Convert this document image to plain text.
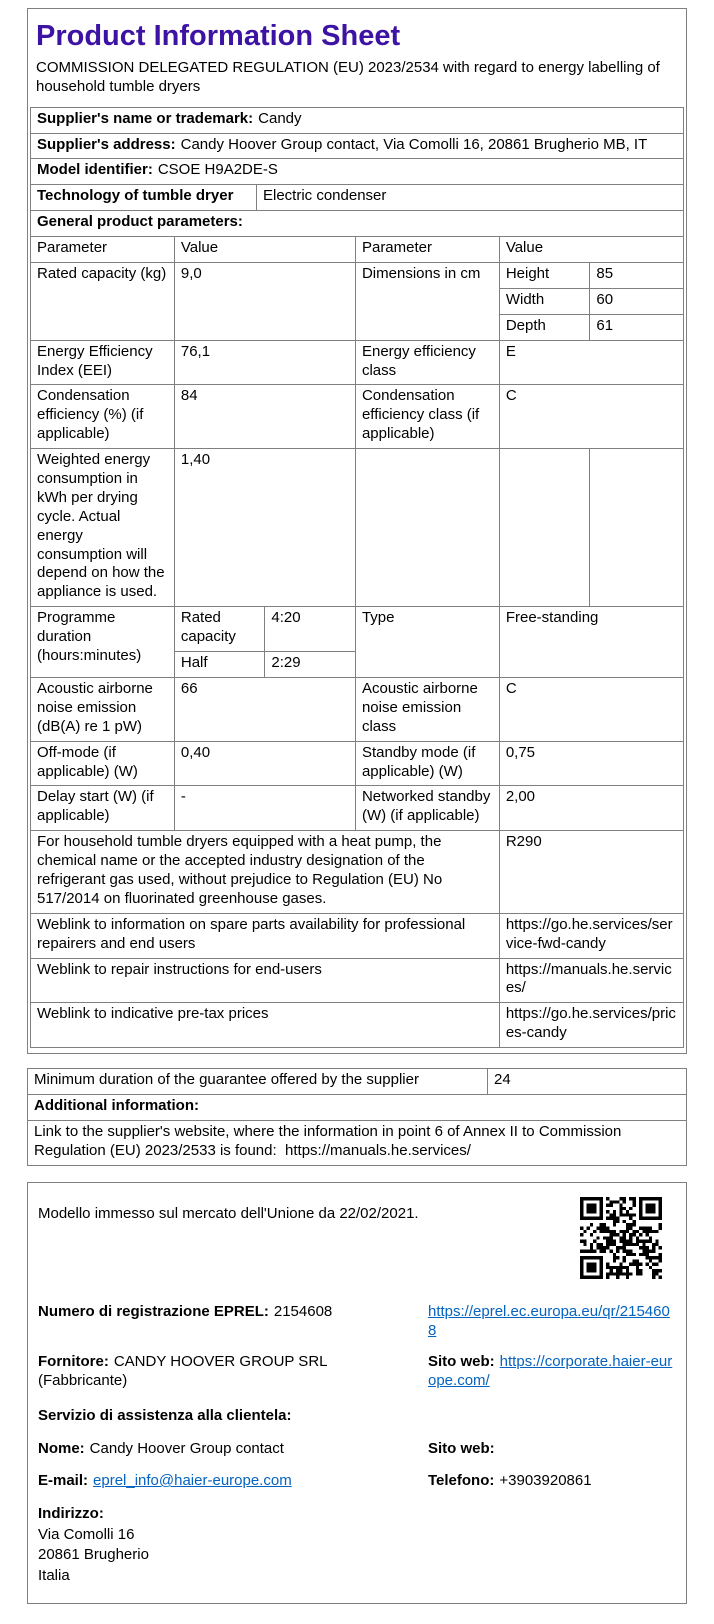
Product Information Sheet
COMMISSION DELEGATED REGULATION (EU) 2023/2534 with regard to energy labelling of household tumble dryers
Supplier's name or trademark: Candy
Supplier's address: Candy Hoover Group contact, Via Comolli 16, 20861 Brugherio MB, IT
Model identifier: CSOE H9A2DE-S
Technology of tumble dryer	Electric condenser
General product parameters:
Parameter	Value		Parameter	Value	
Rated capacity (kg)	9,0		Dimensions in cm	Height	85
				Width	60
				Depth	61
Energy Efficiency Index (EEI)	76,1		Energy efficiency class	E	
Condensation efficiency (%) (if applicable)	84		Condensation efficiency class (if applicable)	C	
Weighted energy consumption in kWh per drying cycle. Actual energy consumption will depend on how the appliance is used.	1,40				
Programme duration (hours:minutes)	Rated capacity	4:20	Type	Free-standing	
	Half	2:29			
Acoustic airborne noise emission (dB(A) re 1 pW)	66		Acoustic airborne noise emission class	C	
Off-mode (if applicable) (W)	0,40		Standby mode (if applicable) (W)	0,75	
Delay start (W) (if applicable)	-		Networked standby (W) (if applicable)	2,00	
For household tumble dryers equipped with a heat pump, the chemical name or the accepted industry designation of the refrigerant gas used, without prejudice to Regulation (EU) No 517/2014 on fluorinated greenhouse gases.				R290	
Weblink to information on spare parts availability for professional repairers and end users				https://go.he.services/service-fwd-candy	
Weblink to repair instructions for end-users				https://manuals.he.services/	
Weblink to indicative pre-tax prices				https://go.he.services/prices-candy	
Minimum duration of the guarantee offered by the supplier	24
Additional information:
Link to the supplier's website, where the information in point 6 of Annex II to Commission Regulation (EU) 2023/2533 is found: https://manuals.he.services/
Modello immesso sul mercato dell'Unione da 22/02/2021.
Numero di registrazione EPREL: 2154608	https://eprel.ec.europa.eu/qr/2154608
Fornitore: CANDY HOOVER GROUP SRL (Fabbricante)
Sito web: https://corporate.haier-europe.com/
Servizio di assistenza alla clientela:
Nome: Candy Hoover Group contact	Sito web:
E-mail: eprel_info@haier-europe.com	Telefono: +3903920861
Indirizzo:
Via Comolli 16
20861 Brugherio
Italia
